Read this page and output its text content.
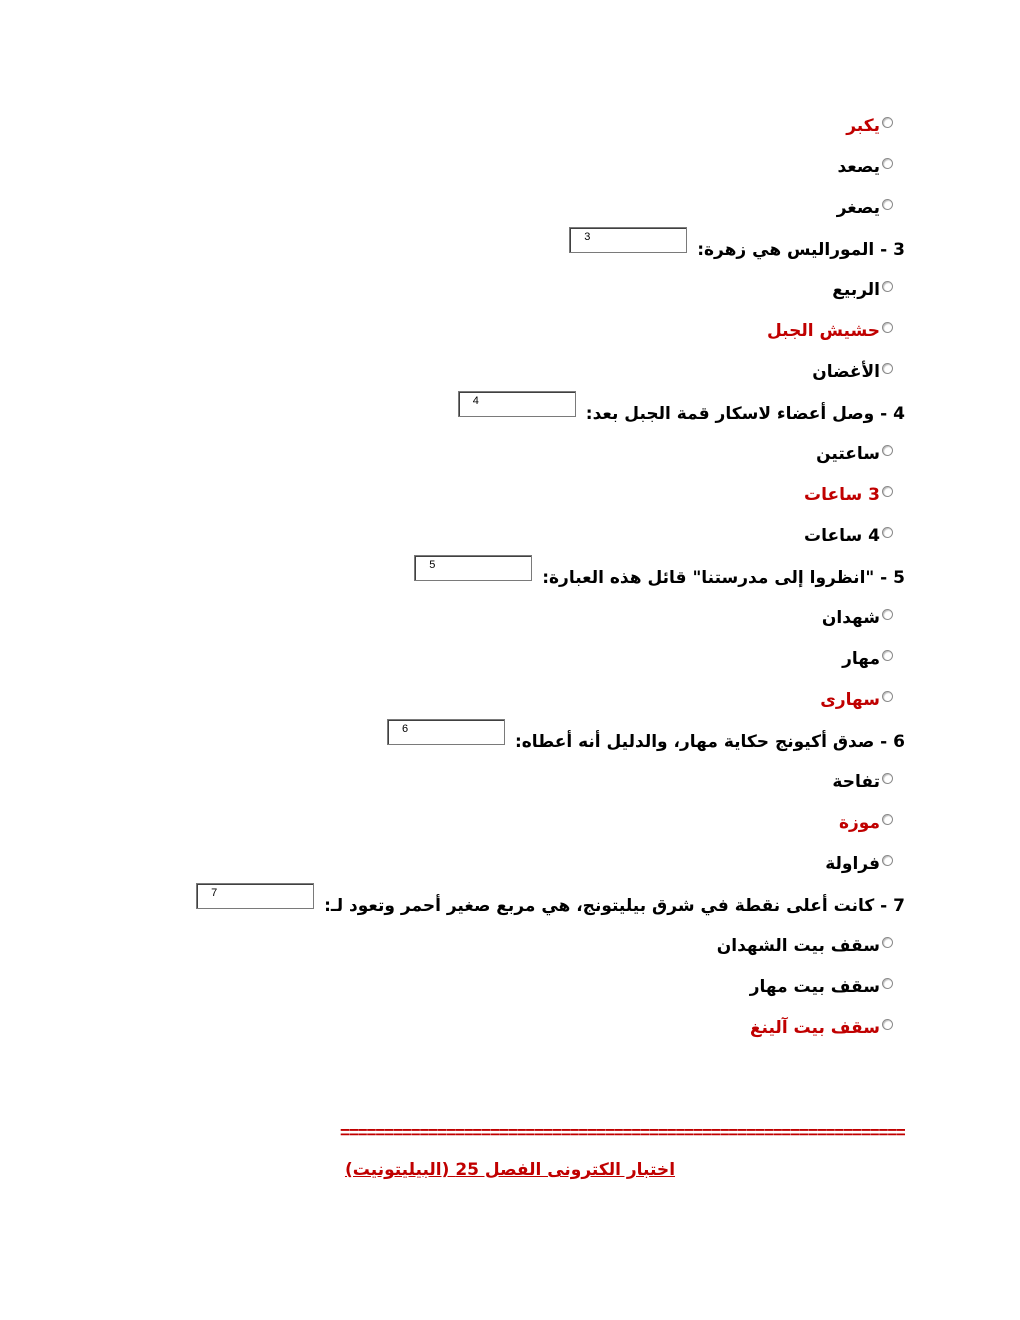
يكبر
يصعد
يصغر
3 - الموراليس هي زهرة:
3
الربيع
حشيش الجبل
الأغضان
4 - وصل أعضاء لاسكار قمة الجبل بعد:
4
ساعتين
3 ساعات
4 ساعات
5 - "انظروا إلى مدرستنا" قائل هذه العبارة:
5
شهدان
مهار
سهارى
6 - صدق أكيونج حكاية مهار، والدليل أنه أعطاه:
6
تفاحة
موزة
فراولة
7 - كانت أعلى نقطة في شرق بيليتونج، هي مربع صغير أحمر وتعود لـ:
7
سقف بيت الشهدان
سقف بيت مهار
سقف بيت آلينغ
================================================================
اختبار الكترونى الفصل 25 (البيليتونيت)
